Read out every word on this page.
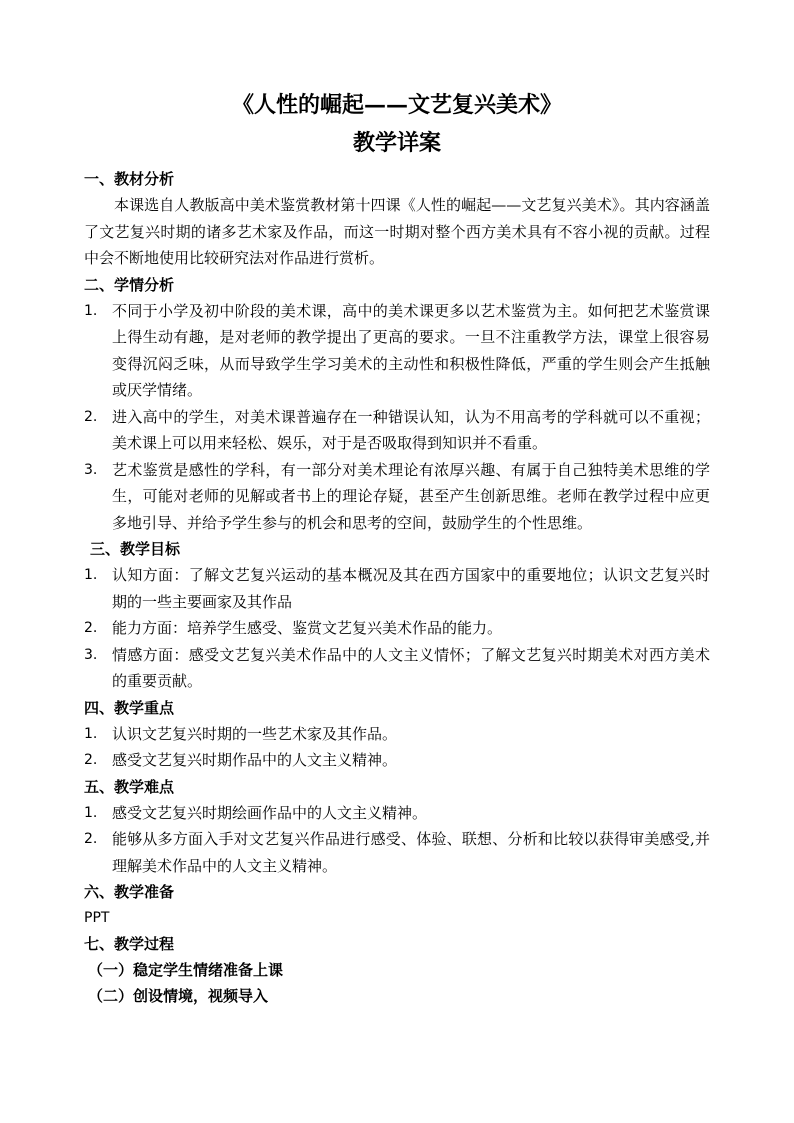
《人性的崛起——文艺复兴美术》
教学详案

一、教材分析

本课选自人教版高中美术鉴赏教材第十四课《人性的崛起——文艺复兴美术》。其内容涵盖了文艺复兴时期的诸多艺术家及作品，而这一时期对整个西方美术具有不容小视的贡献。过程中会不断地使用比较研究法对作品进行赏析。

二、学情分析

1. 不同于小学及初中阶段的美术课，高中的美术课更多以艺术鉴赏为主。如何把艺术鉴赏课上得生动有趣，是对老师的教学提出了更高的要求。一旦不注重教学方法，课堂上很容易变得沉闷乏味，从而导致学生学习美术的主动性和积极性降低，严重的学生则会产生抵触或厌学情绪。
2. 进入高中的学生，对美术课普遍存在一种错误认知，认为不用高考的学科就可以不重视；美术课上可以用来轻松、娱乐，对于是否吸取得到知识并不看重。
3. 艺术鉴赏是感性的学科，有一部分对美术理论有浓厚兴趣、有属于自己独特美术思维的学生，可能对老师的见解或者书上的理论存疑，甚至产生创新思维。老师在教学过程中应更多地引导、并给予学生参与的机会和思考的空间，鼓励学生的个性思维。

三、教学目标

1. 认知方面：了解文艺复兴运动的基本概况及其在西方国家中的重要地位；认识文艺复兴时期的一些主要画家及其作品
2. 能力方面：培养学生感受、鉴赏文艺复兴美术作品的能力。
3. 情感方面：感受文艺复兴美术作品中的人文主义情怀；了解文艺复兴时期美术对西方美术的重要贡献。

四、教学重点

1. 认识文艺复兴时期的一些艺术家及其作品。
2. 感受文艺复兴时期作品中的人文主义精神。

五、教学难点

1. 感受文艺复兴时期绘画作品中的人文主义精神。
2. 能够从多方面入手对文艺复兴作品进行感受、体验、联想、分析和比较以获得审美感受,并理解美术作品中的人文主义精神。

六、教学准备

PPT

七、教学过程

（一）稳定学生情绪准备上课

（二）创设情境，视频导入
